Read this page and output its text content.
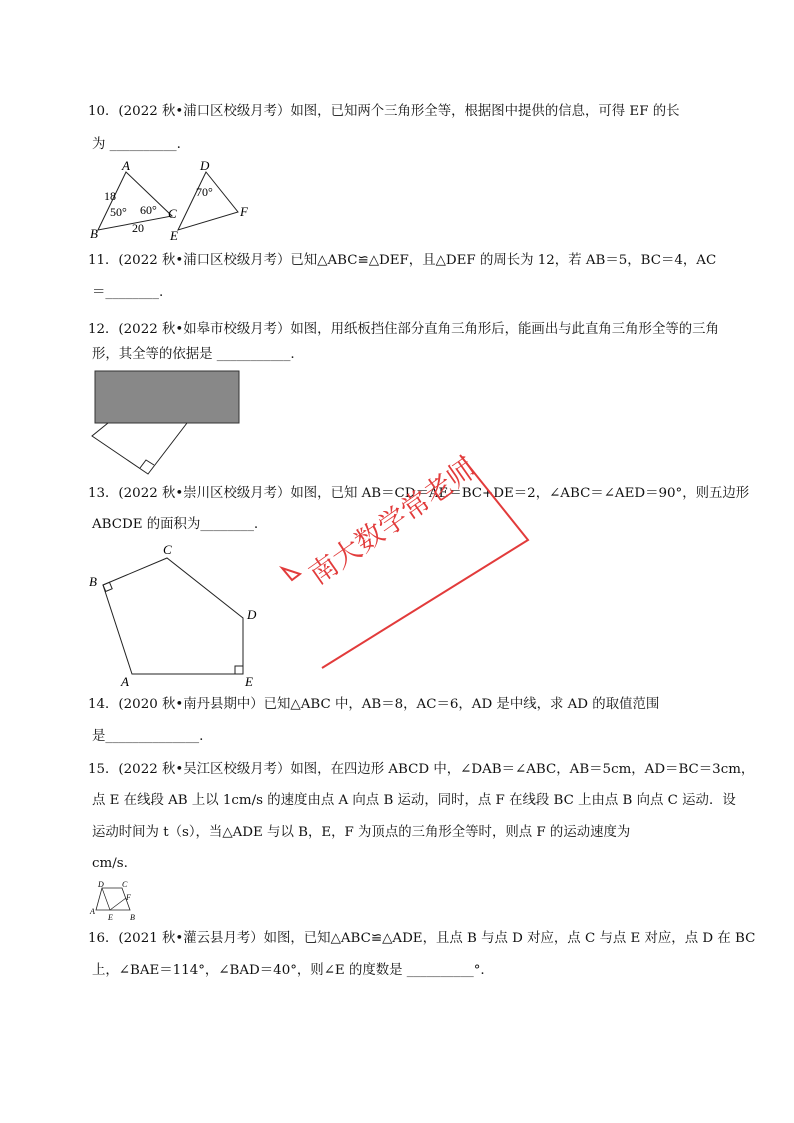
10．(2022 秋•浦口区校级月考）如图，已知两个三角形全等，根据图中提供的信息，可得 EF 的长
为 __________.
A
B
C
D
E
F
18
20
50° 60°
70°
11．(2022 秋•浦口区校级月考）已知△ABC≌△DEF，且△DEF 的周长为 12，若 AB＝5，BC＝4，AC
＝________.
12．(2022 秋•如皋市校级月考）如图，用纸板挡住部分直角三角形后，能画出与此直角三角形全等的三角
形，其全等的依据是 ___________.
13．(2022 秋•崇川区校级月考）如图，已知 AB＝CD＝AE＝BC+DE＝2，∠ABC＝∠AED＝90°，则五边形
ABCDE 的面积为________.
C
B
D
A	E
南大数学常老师
14．(2020 秋•南丹县期中）已知△ABC 中，AB＝8，AC＝6，AD 是中线，求 AD 的取值范围
是______________.
15．(2022 秋•吴江区校级月考）如图，在四边形 ABCD 中，∠DAB＝∠ABC，AB＝5cm，AD＝BC＝3cm，
点 E 在线段 AB 上以 1cm/s 的速度由点 A 向点 B 运动，同时，点 F 在线段 BC 上由点 B 向点 C 运动．设
运动时间为 t（s），当△ADE 与以 B，E，F 为顶点的三角形全等时，则点 F 的运动速度为
cm/s.
D C
F
A
E B
16．(2021 秋•灌云县月考）如图，已知△ABC≌△ADE，且点 B 与点 D 对应，点 C 与点 E 对应，点 D 在 BC
上，∠BAE＝114°，∠BAD＝40°，则∠E 的度数是 __________°.
